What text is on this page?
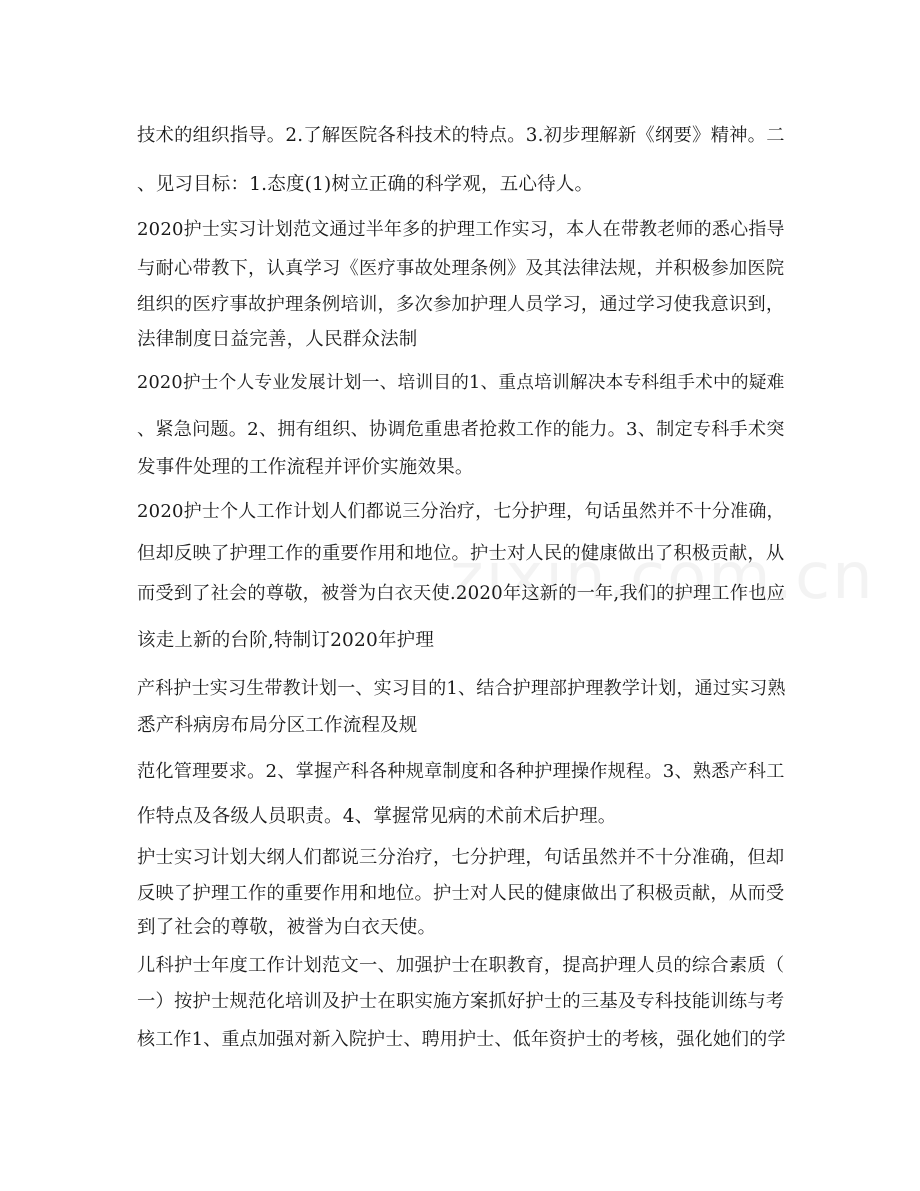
技术的组织指导。2.了解医院各科技术的特点。3.初步理解新《纲要》精神。二
、见习目标：1.态度(1)树立正确的科学观，五心待人。
2020护士实习计划范文通过半年多的护理工作实习，本人在带教老师的悉心指导
与耐心带教下，认真学习《医疗事故处理条例》及其法律法规，并积极参加医院
组织的医疗事故护理条例培训，多次参加护理人员学习，通过学习使我意识到，
法律制度日益完善，人民群众法制
2020护士个人专业发展计划一、培训目的1、重点培训解决本专科组手术中的疑难
、紧急问题。2、拥有组织、协调危重患者抢救工作的能力。3、制定专科手术突
发事件处理的工作流程并评价实施效果。
2020护士个人工作计划人们都说三分治疗，七分护理，句话虽然并不十分准确，
但却反映了护理工作的重要作用和地位。护士对人民的健康做出了积极贡献，从
而受到了社会的尊敬，被誉为白衣天使.2020年这新的一年,我们的护理工作也应
该走上新的台阶,特制订2020年护理
产科护士实习生带教计划一、实习目的1、结合护理部护理教学计划，通过实习熟
悉产科病房布局分区工作流程及规
范化管理要求。2、掌握产科各种规章制度和各种护理操作规程。3、熟悉产科工
作特点及各级人员职责。4、掌握常见病的术前术后护理。
护士实习计划大纲人们都说三分治疗，七分护理，句话虽然并不十分准确，但却
反映了护理工作的重要作用和地位。护士对人民的健康做出了积极贡献，从而受
到了社会的尊敬，被誉为白衣天使。
儿科护士年度工作计划范文一、加强护士在职教育，提高护理人员的综合素质（
一）按护士规范化培训及护士在职实施方案抓好护士的三基及专科技能训练与考
核工作1、重点加强对新入院护士、聘用护士、低年资护士的考核，强化她们的学
